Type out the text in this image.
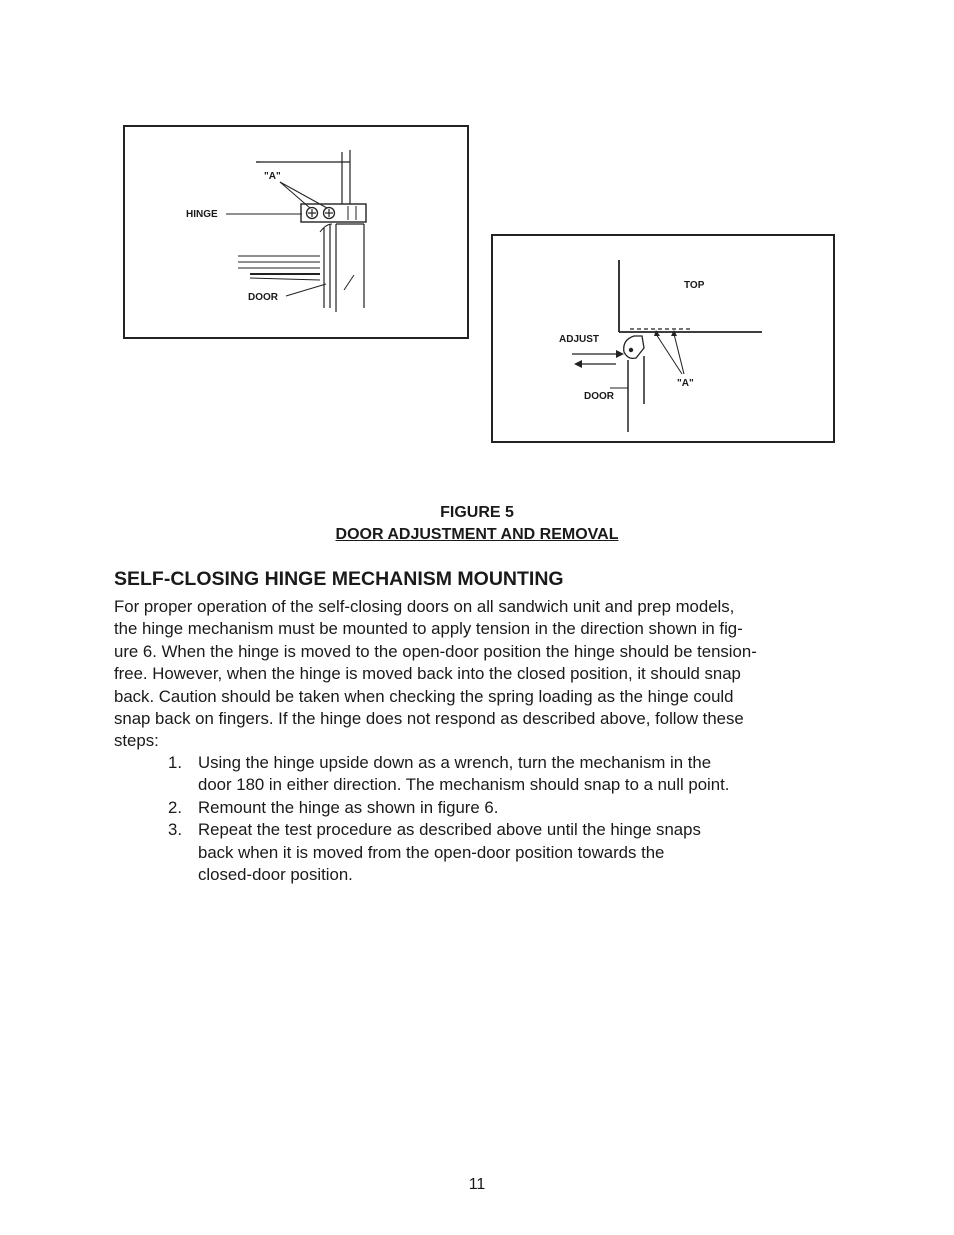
"A"
HINGE
DOOR
TOP
ADJUST
DOOR
"A"
FIGURE 5
DOOR ADJUSTMENT AND REMOVAL
SELF-CLOSING HINGE MECHANISM MOUNTING

For proper operation of the self-closing doors on all sandwich unit and prep models,
the hinge mechanism must be mounted to apply tension in the direction shown in fig-
ure 6. When the hinge is moved to the open-door position the hinge should be tension-
free. However, when the hinge is moved back into the closed position, it should snap
back. Caution should be taken when checking the spring loading as the hinge could
snap back on fingers. If the hinge does not respond as described above, follow these
steps:

1. Using the hinge upside down as a wrench, turn the mechanism in the
door 180 in either direction. The mechanism should snap to a null point.
2. Remount the hinge as shown in figure 6.
3. Repeat the test procedure as described above until the hinge snaps
back when it is moved from the open-door position towards the
closed-door position.
11
